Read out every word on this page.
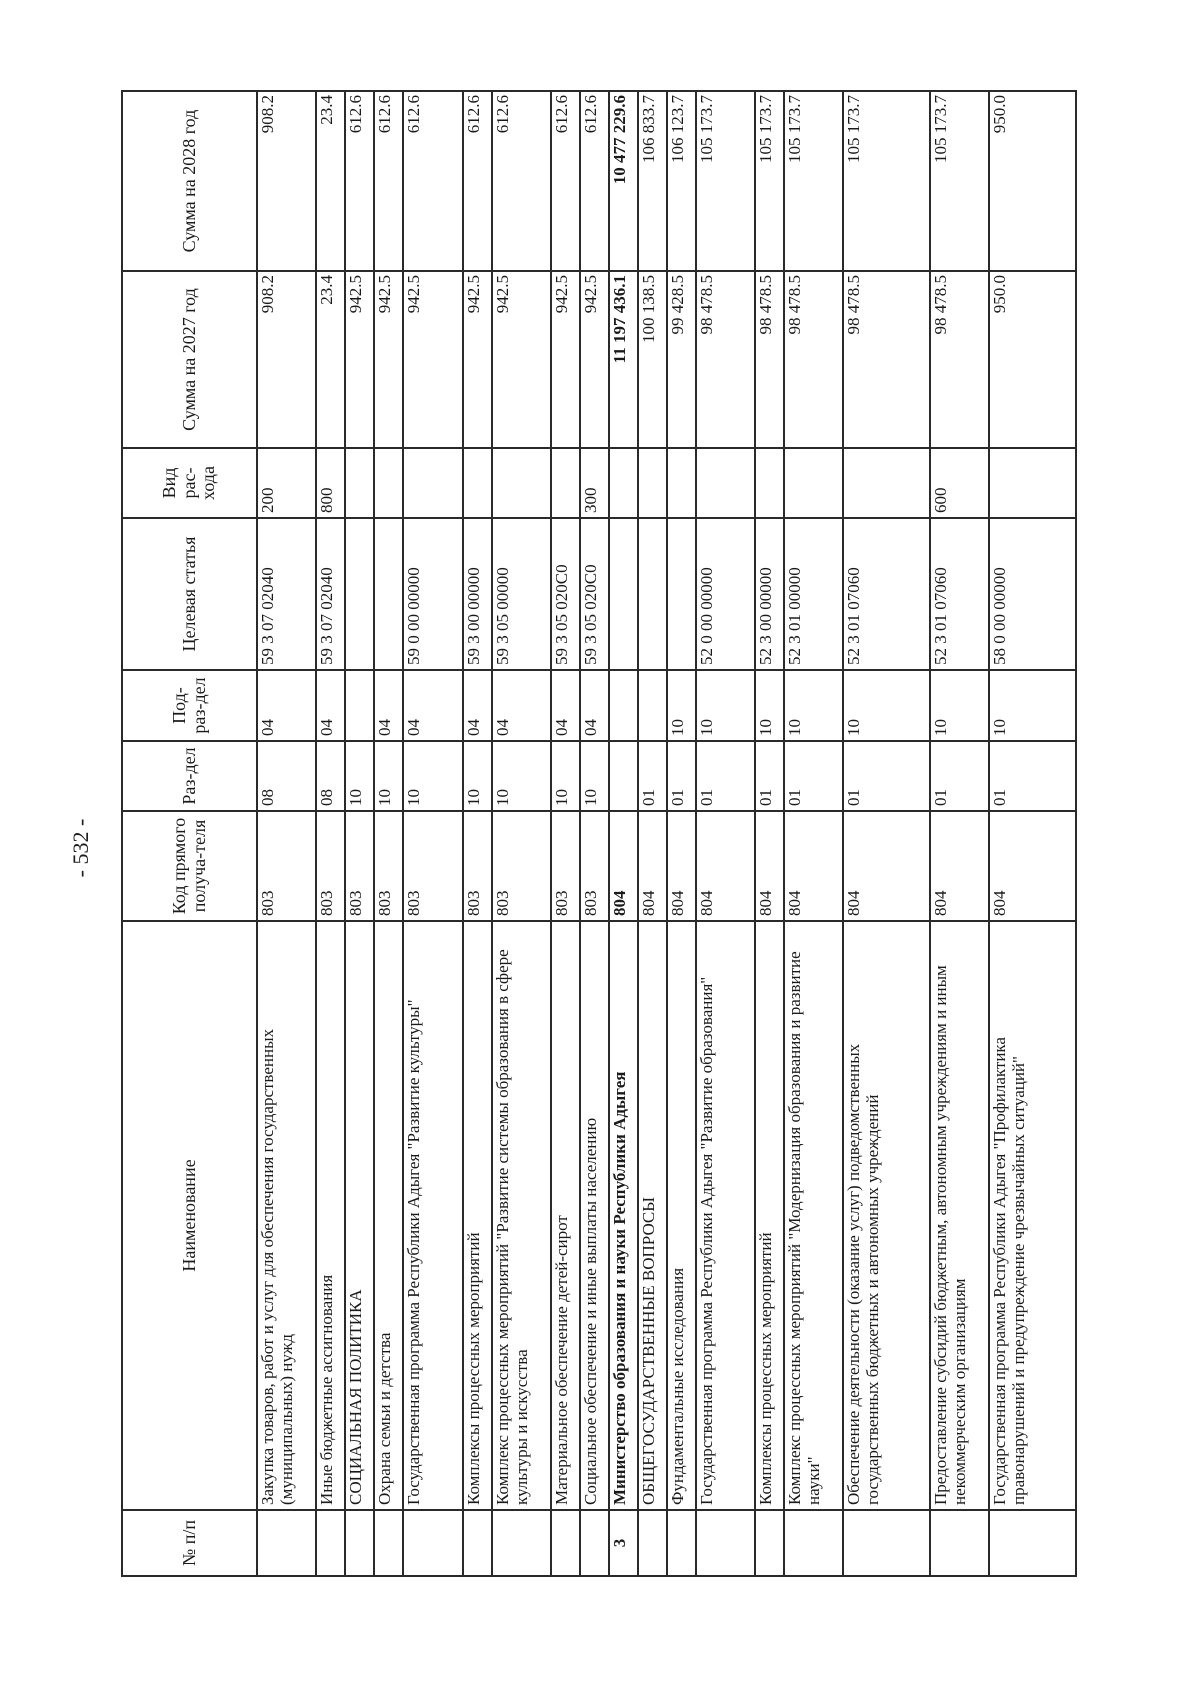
- 532 -
№ п/п	Наименование	Код прямого получа-теля	Раз-дел	Под-раз-дел	Целевая статья	Вид рас-хода	Сумма на 2027 год	Сумма на 2028 год
	Закупка товаров, работ и услуг для обеспечения государственных (муниципальных) нужд	803	08	04	59 3 07 02040	200	908.2	908.2
	Иные бюджетные ассигнования	803	08	04	59 3 07 02040	800	23.4	23.4
	СОЦИАЛЬНАЯ ПОЛИТИКА	803	10				942.5	612.6
	Охрана семьи и детства	803	10	04			942.5	612.6
	Государственная программа Республики Адыгея "Развитие культуры"	803	10	04	59 0 00 00000		942.5	612.6
	Комплексы процессных мероприятий	803	10	04	59 3 00 00000		942.5	612.6
	Комплекс процессных мероприятий "Развитие системы образования в сфере культуры и искусства	803	10	04	59 3 05 00000		942.5	612.6
	Материальное обеспечение детей-сирот	803	10	04	59 3 05 020С0		942.5	612.6
	Социальное обеспечение и иные выплаты населению	803	10	04	59 3 05 020С0	300	942.5	612.6
3	Министерство образования и науки Республики Адыгея	804					11 197 436.1	10 477 229.6
	ОБЩЕГОСУДАРСТВЕННЫЕ ВОПРОСЫ	804	01				100 138.5	106 833.7
	Фундаментальные исследования	804	01	10			99 428.5	106 123.7
	Государственная программа Республики Адыгея "Развитие образования"	804	01	10	52 0 00 00000		98 478.5	105 173.7
	Комплексы процессных мероприятий	804	01	10	52 3 00 00000		98 478.5	105 173.7
	Комплекс процессных мероприятий "Модернизация образования и развитие науки"	804	01	10	52 3 01 00000		98 478.5	105 173.7
	Обеспечение деятельности (оказание услуг) подведомственных государственных бюджетных и автономных учреждений	804	01	10	52 3 01 07060		98 478.5	105 173.7
	Предоставление субсидий бюджетным, автономным учреждениям и иным некоммерческим организациям	804	01	10	52 3 01 07060	600	98 478.5	105 173.7
	Государственная программа Республики Адыгея "Профилактика правонарушений и предупреждение чрезвычайных ситуаций"	804	01	10	58 0 00 00000		950.0	950.0
